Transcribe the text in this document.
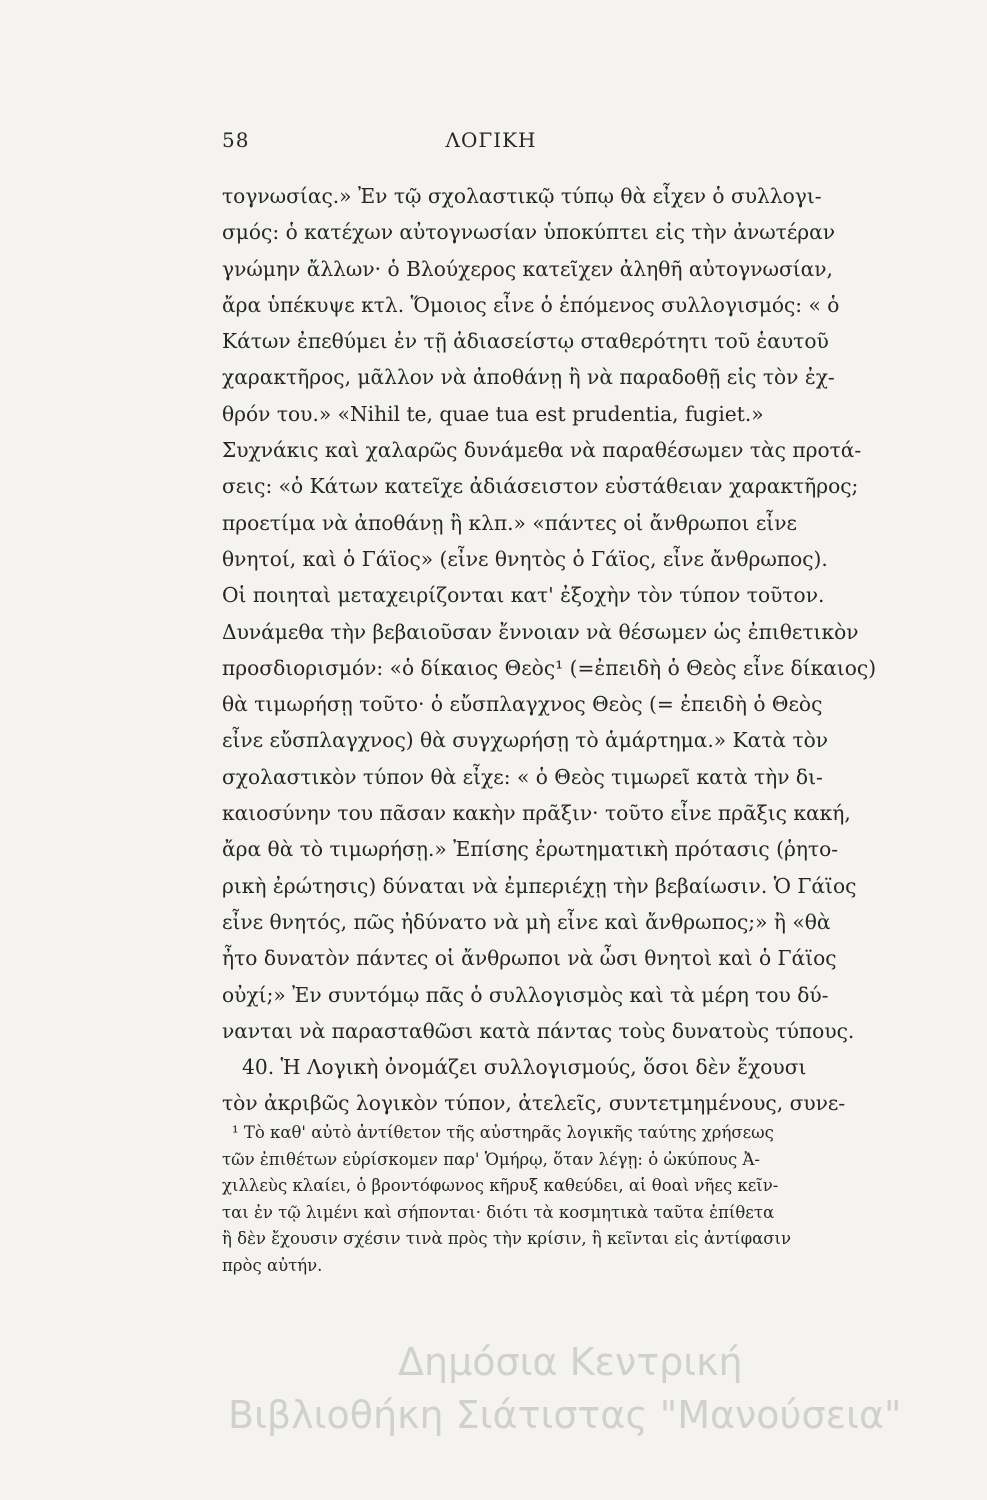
58	ΛΟΓΙΚΗ
τογνωσίας.» Ἐν τῷ σχολαστικῷ τύπῳ θὰ εἶχεν ὁ συλλογι-
σμός: ὁ κατέχων αὐτογνωσίαν ὑποκύπτει εἰς τὴν ἀνωτέραν
γνώμην ἄλλων· ὁ Βλούχερος κατεῖχεν ἀληθῆ αὐτογνωσίαν,
ἄρα ὑπέκυψε κτλ. Ὅμοιος εἶνε ὁ ἑπόμενος συλλογισμός: « ὁ
Κάτων ἐπεθύμει ἐν τῇ ἀδιασείστῳ σταθερότητι τοῦ ἑαυτοῦ
χαρακτῆρος, μᾶλλον νὰ ἀποθάνῃ ἢ νὰ παραδοθῇ εἰς τὸν ἐχ-
θρόν του.» «Nihil te, quae tua est prudentia, fugiet.»
Συχνάκις καὶ χαλαρῶς δυνάμεθα νὰ παραθέσωμεν τὰς προτά-
σεις: «ὁ Κάτων κατεῖχε ἀδιάσειστον εὐστάθειαν χαρακτῆρος;
προετίμα νὰ ἀποθάνῃ ἢ κλπ.» «πάντες οἱ ἄνθρωποι εἶνε
θνητοί, καὶ ὁ Γάϊος» (εἶνε θνητὸς ὁ Γάϊος, εἶνε ἄνθρωπος).
Οἱ ποιηταὶ μεταχειρίζονται κατ' ἐξοχὴν τὸν τύπον τοῦτον.
Δυνάμεθα τὴν βεβαιοῦσαν ἔννοιαν νὰ θέσωμεν ὡς ἐπιθετικὸν
προσδιορισμόν: «ὁ δίκαιος Θεὸς¹ (=ἐπειδὴ ὁ Θεὸς εἶνε δίκαιος)
θὰ τιμωρήσῃ τοῦτο· ὁ εὔσπλαγχνος Θεὸς (= ἐπειδὴ ὁ Θεὸς
εἶνε εὔσπλαγχνος) θὰ συγχωρήσῃ τὸ ἁμάρτημα.» Κατὰ τὸν
σχολαστικὸν τύπον θὰ εἶχε: « ὁ Θεὸς τιμωρεῖ κατὰ τὴν δι-
καιοσύνην του πᾶσαν κακὴν πρᾶξιν· τοῦτο εἶνε πρᾶξις κακή,
ἄρα θὰ τὸ τιμωρήσῃ.» Ἐπίσης ἐρωτηματικὴ πρότασις (ῥητο-
ρικὴ ἐρώτησις) δύναται νὰ ἐμπεριέχῃ τὴν βεβαίωσιν. Ὁ Γάϊος
εἶνε θνητός, πῶς ἠδύνατο νὰ μὴ εἶνε καὶ ἄνθρωπος;» ἢ «θὰ
ἦτο δυνατὸν πάντες οἱ ἄνθρωποι νὰ ὦσι θνητοὶ καὶ ὁ Γάϊος
οὐχί;» Ἐν συντόμῳ πᾶς ὁ συλλογισμὸς καὶ τὰ μέρη του δύ-
νανται νὰ παρασταθῶσι κατὰ πάντας τοὺς δυνατοὺς τύπους.
40. Ἡ Λογικὴ ὀνομάζει συλλογισμούς, ὅσοι δὲν ἔχουσι
τὸν ἀκριβῶς λογικὸν τύπον, ἀτελεῖς, συντετμημένους, συνε-
¹ Τὸ καθ' αὐτὸ ἀντίθετον τῆς αὐστηρᾶς λογικῆς ταύτης χρήσεως
τῶν ἐπιθέτων εὑρίσκομεν παρ' Ὁμήρῳ, ὅταν λέγῃ: ὁ ὠκύπους Ἀ-
χιλλεὺς κλαίει, ὁ βροντόφωνος κῆρυξ καθεύδει, αἱ θοαὶ νῆες κεῖν-
ται ἐν τῷ λιμένι καὶ σήπονται· διότι τὰ κοσμητικὰ ταῦτα ἐπίθετα
ἢ δὲν ἔχουσιν σχέσιν τινὰ πρὸς τὴν κρίσιν, ἢ κεῖνται εἰς ἀντίφασιν
πρὸς αὐτήν.
Δημόσια Κεντρική
Βιβλιοθήκη Σιάτιστας "Μανούσεια"
